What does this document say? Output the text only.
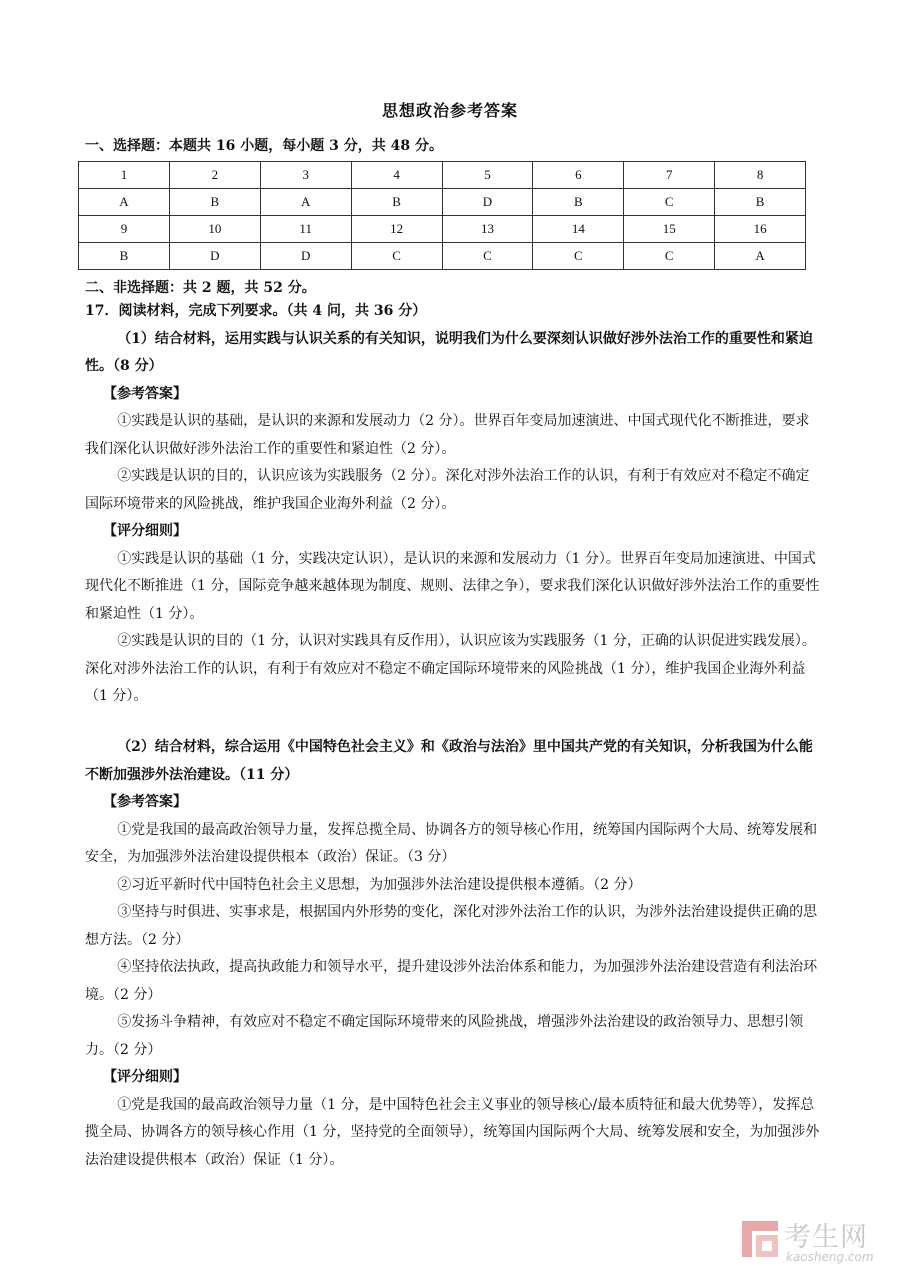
思想政治参考答案
一、选择题：本题共 16 小题，每小题 3 分，共 48 分。
1	2	3	4	5	6	7	8
A	B	A	B	D	B	C	B
9	10	11	12	13	14	15	16
B	D	D	C	C	C	C	A
二、非选择题：共 2 题，共 52 分。

17．阅读材料，完成下列要求。（共 4 问，共 36 分）

（1）结合材料，运用实践与认识关系的有关知识，说明我们为什么要深刻认识做好涉外法治工作的重要性和紧迫性。（8 分）

【参考答案】

①实践是认识的基础，是认识的来源和发展动力（2 分）。世界百年变局加速演进、中国式现代化不断推进，要求我们深化认识做好涉外法治工作的重要性和紧迫性（2 分）。

②实践是认识的目的，认识应该为实践服务（2 分）。深化对涉外法治工作的认识，有利于有效应对不稳定不确定国际环境带来的风险挑战，维护我国企业海外利益（2 分）。

【评分细则】

①实践是认识的基础（1 分，实践决定认识），是认识的来源和发展动力（1 分）。世界百年变局加速演进、中国式现代化不断推进（1 分，国际竞争越来越体现为制度、规则、法律之争），要求我们深化认识做好涉外法治工作的重要性和紧迫性（1 分）。

②实践是认识的目的（1 分，认识对实践具有反作用），认识应该为实践服务（1 分，正确的认识促进实践发展）。深化对涉外法治工作的认识，有利于有效应对不稳定不确定国际环境带来的风险挑战（1 分），维护我国企业海外利益（1 分）。

（2）结合材料，综合运用《中国特色社会主义》和《政治与法治》里中国共产党的有关知识，分析我国为什么能不断加强涉外法治建设。（11 分）

【参考答案】

①党是我国的最高政治领导力量，发挥总揽全局、协调各方的领导核心作用，统筹国内国际两个大局、统筹发展和安全，为加强涉外法治建设提供根本（政治）保证。（3 分）

②习近平新时代中国特色社会主义思想，为加强涉外法治建设提供根本遵循。（2 分）

③坚持与时俱进、实事求是，根据国内外形势的变化，深化对涉外法治工作的认识，为涉外法治建设提供正确的思想方法。（2 分）

④坚持依法执政，提高执政能力和领导水平，提升建设涉外法治体系和能力，为加强涉外法治建设营造有利法治环境。（2 分）

⑤发扬斗争精神，有效应对不稳定不确定国际环境带来的风险挑战，增强涉外法治建设的政治领导力、思想引领力。（2 分）

【评分细则】

①党是我国的最高政治领导力量（1 分，是中国特色社会主义事业的领导核心/最本质特征和最大优势等），发挥总揽全局、协调各方的领导核心作用（1 分，坚持党的全面领导），统筹国内国际两个大局、统筹发展和安全，为加强涉外法治建设提供根本（政治）保证（1 分）。

考生网
kaosheng.com
